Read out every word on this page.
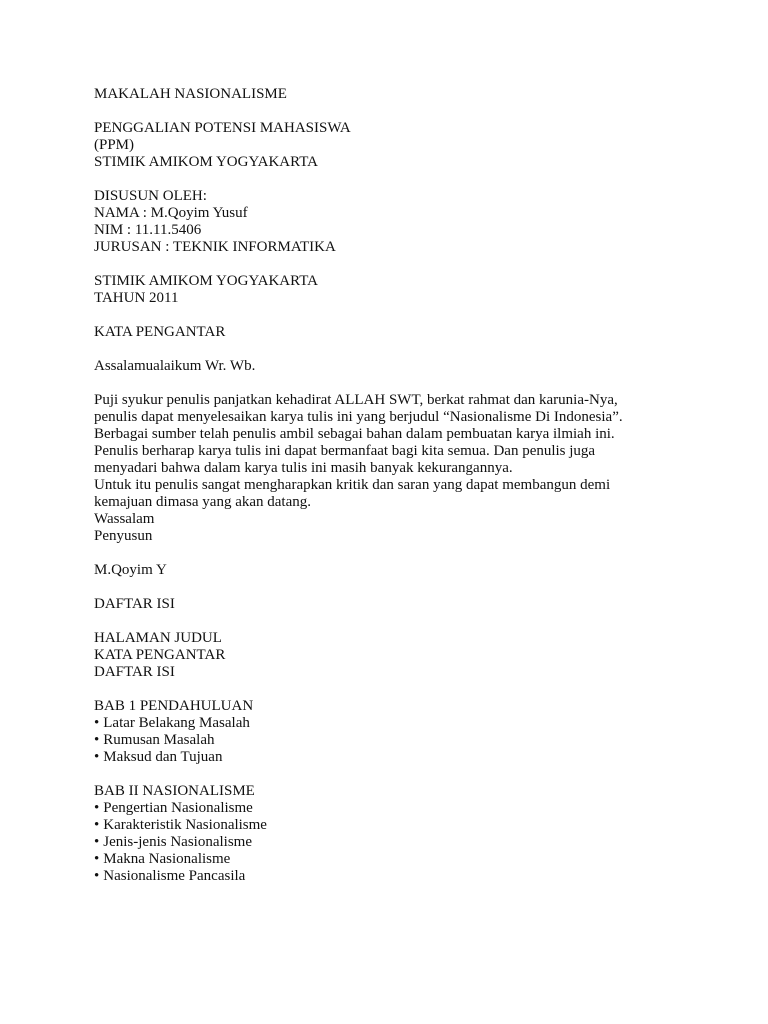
MAKALAH NASIONALISME
PENGGALIAN POTENSI MAHASISWA
(PPM)
STIMIK AMIKOM YOGYAKARTA
DISUSUN OLEH:
NAMA : M.Qoyim Yusuf
NIM : 11.11.5406
JURUSAN : TEKNIK INFORMATIKA
STIMIK AMIKOM YOGYAKARTA
TAHUN 2011
KATA PENGANTAR
Assalamualaikum Wr. Wb.
Puji syukur penulis panjatkan kehadirat ALLAH SWT, berkat rahmat dan karunia-Nya,
penulis dapat menyelesaikan karya tulis ini yang berjudul “Nasionalisme Di Indonesia”.
Berbagai sumber telah penulis ambil sebagai bahan dalam pembuatan karya ilmiah ini.
Penulis berharap karya tulis ini dapat bermanfaat bagi kita semua. Dan penulis juga
menyadari bahwa dalam karya tulis ini masih banyak kekurangannya.
Untuk itu penulis sangat mengharapkan kritik dan saran yang dapat membangun demi
kemajuan dimasa yang akan datang.
Wassalam
Penyusun
M.Qoyim Y
DAFTAR ISI
HALAMAN JUDUL
KATA PENGANTAR
DAFTAR ISI
BAB 1 PENDAHULUAN
• Latar Belakang Masalah
• Rumusan Masalah
• Maksud dan Tujuan
BAB II NASIONALISME
• Pengertian Nasionalisme
• Karakteristik Nasionalisme
• Jenis-jenis Nasionalisme
• Makna Nasionalisme
• Nasionalisme Pancasila
